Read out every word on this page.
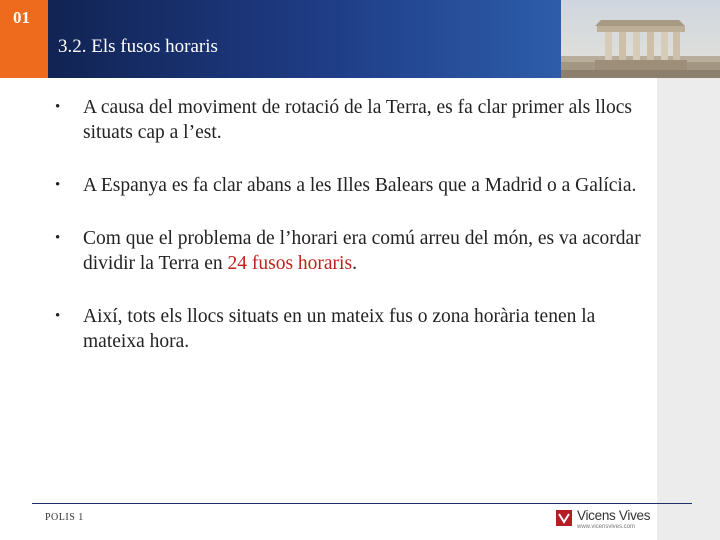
01
3.2. Els fusos horaris
• A causa del moviment de rotació de la Terra, es fa clar primer als llocs situats cap a l’est.
• A Espanya es fa clar abans a les Illes Balears que a Madrid o a Galícia.
• Com que el problema de l’horari era comú arreu del món, es va acordar dividir la Terra en 24 fusos horaris.
• Així, tots els llocs situats en un mateix fus o zona horària tenen la mateixa hora.
POLIS 1	Vicens Vives
www.vicensvives.com
